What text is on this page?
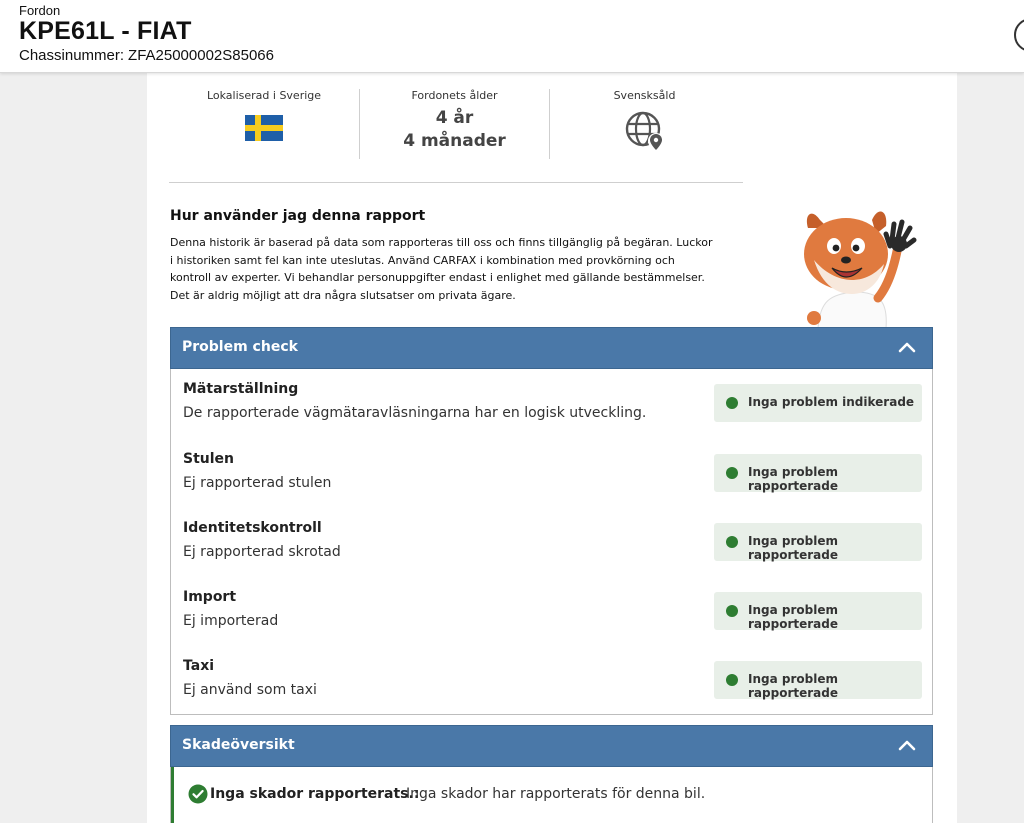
Fordon
KPE61L - FIAT
Chassinummer: ZFA25000002S85066
Lokaliserad i Sverige	Fordonets ålder
4 år
4 månader
Svensksåld
Hur använder jag denna rapport
Denna historik är baserad på data som rapporteras till oss och finns tillgänglig på begäran. Luckor
i historiken samt fel kan inte uteslutas. Använd CARFAX i kombination med provkörning och
kontroll av experter. Vi behandlar personuppgifter endast i enlighet med gällande bestämmelser.
Det är aldrig möjligt att dra några slutsatser om privata ägare.
Problem check
Mätarställning
De rapporterade vägmätaravläsningarna har en logisk utveckling.
Inga problem indikerade
Stulen
Ej rapporterad stulen
Inga problem rapporterade
Identitetskontroll
Ej rapporterad skrotad
Inga problem rapporterade
Import
Ej importerad
Inga problem rapporterade
Taxi
Ej använd som taxi
Inga problem rapporterade
Skadeöversikt
Inga skador rapporterats.:
Inga skador har rapporterats för denna bil.
